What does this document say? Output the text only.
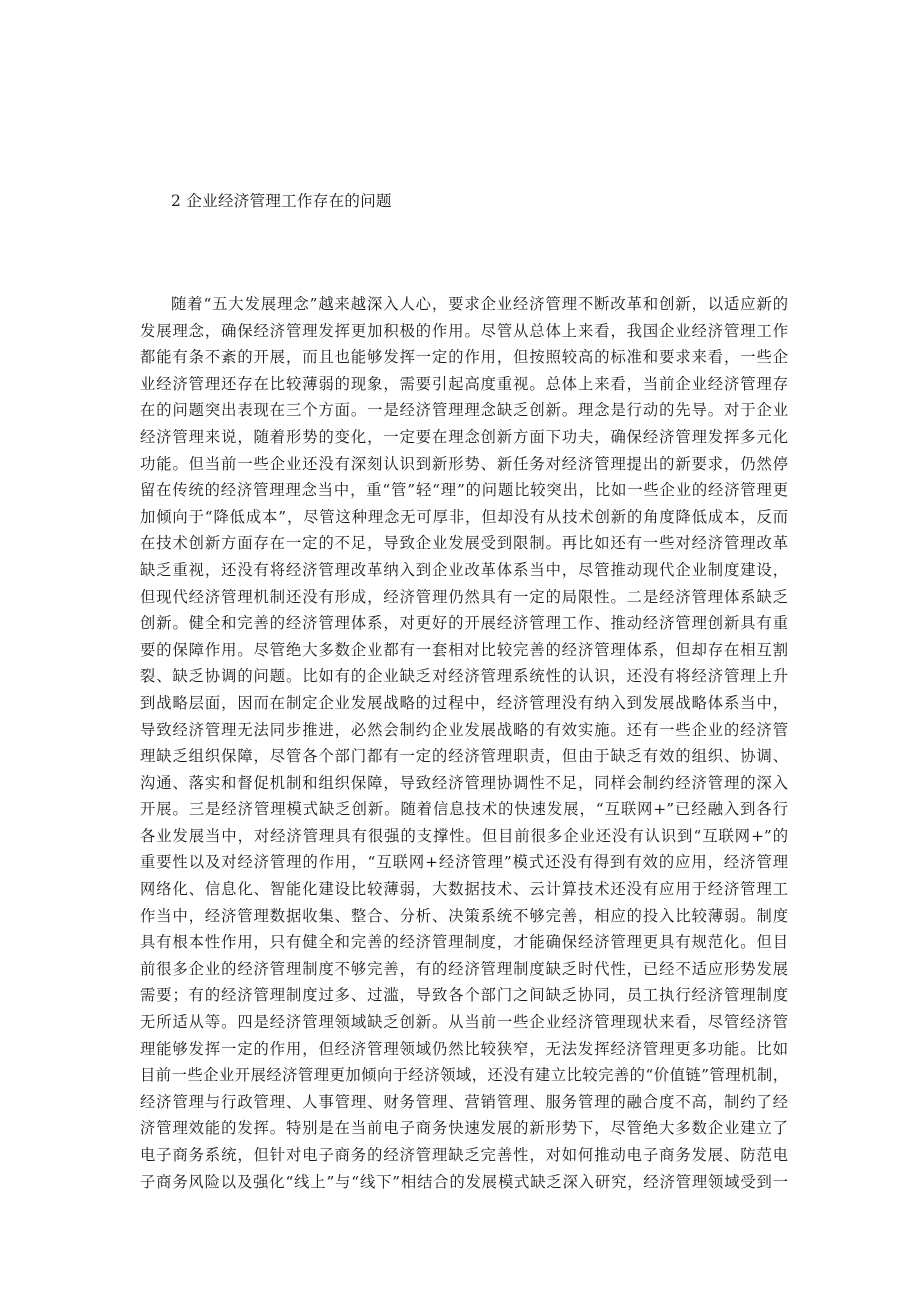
2 企业经济管理工作存在的问题
随着“五大发展理念”越来越深入人心，要求企业经济管理不断改革和创新，以适应新的
发展理念，确保经济管理发挥更加积极的作用。尽管从总体上来看，我国企业经济管理工作
都能有条不紊的开展，而且也能够发挥一定的作用，但按照较高的标准和要求来看，一些企
业经济管理还存在比较薄弱的现象，需要引起高度重视。总体上来看，当前企业经济管理存
在的问题突出表现在三个方面。一是经济管理理念缺乏创新。理念是行动的先导。对于企业
经济管理来说，随着形势的变化，一定要在理念创新方面下功夫，确保经济管理发挥多元化
功能。但当前一些企业还没有深刻认识到新形势、新任务对经济管理提出的新要求，仍然停
留在传统的经济管理理念当中，重“管”轻“理”的问题比较突出，比如一些企业的经济管理更
加倾向于“降低成本”，尽管这种理念无可厚非，但却没有从技术创新的角度降低成本，反而
在技术创新方面存在一定的不足，导致企业发展受到限制。再比如还有一些对经济管理改革
缺乏重视，还没有将经济管理改革纳入到企业改革体系当中，尽管推动现代企业制度建设，
但现代经济管理机制还没有形成，经济管理仍然具有一定的局限性。二是经济管理体系缺乏
创新。健全和完善的经济管理体系，对更好的开展经济管理工作、推动经济管理创新具有重
要的保障作用。尽管绝大多数企业都有一套相对比较完善的经济管理体系，但却存在相互割
裂、缺乏协调的问题。比如有的企业缺乏对经济管理系统性的认识，还没有将经济管理上升
到战略层面，因而在制定企业发展战略的过程中，经济管理没有纳入到发展战略体系当中，
导致经济管理无法同步推进，必然会制约企业发展战略的有效实施。还有一些企业的经济管
理缺乏组织保障，尽管各个部门都有一定的经济管理职责，但由于缺乏有效的组织、协调、
沟通、落实和督促机制和组织保障，导致经济管理协调性不足，同样会制约经济管理的深入
开展。三是经济管理模式缺乏创新。随着信息技术的快速发展，“互联网+”已经融入到各行
各业发展当中，对经济管理具有很强的支撑性。但目前很多企业还没有认识到“互联网+”的
重要性以及对经济管理的作用，“互联网+经济管理”模式还没有得到有效的应用，经济管理
网络化、信息化、智能化建设比较薄弱，大数据技术、云计算技术还没有应用于经济管理工
作当中，经济管理数据收集、整合、分析、决策系统不够完善，相应的投入比较薄弱。制度
具有根本性作用，只有健全和完善的经济管理制度，才能确保经济管理更具有规范化。但目
前很多企业的经济管理制度不够完善，有的经济管理制度缺乏时代性，已经不适应形势发展
需要；有的经济管理制度过多、过滥，导致各个部门之间缺乏协同，员工执行经济管理制度
无所适从等。四是经济管理领域缺乏创新。从当前一些企业经济管理现状来看，尽管经济管
理能够发挥一定的作用，但经济管理领域仍然比较狭窄，无法发挥经济管理更多功能。比如
目前一些企业开展经济管理更加倾向于经济领域，还没有建立比较完善的“价值链”管理机制，
经济管理与行政管理、人事管理、财务管理、营销管理、服务管理的融合度不高，制约了经
济管理效能的发挥。特别是在当前电子商务快速发展的新形势下，尽管绝大多数企业建立了
电子商务系统，但针对电子商务的经济管理缺乏完善性，对如何推动电子商务发展、防范电
子商务风险以及强化“线上”与“线下”相结合的发展模式缺乏深入研究，经济管理领域受到一
